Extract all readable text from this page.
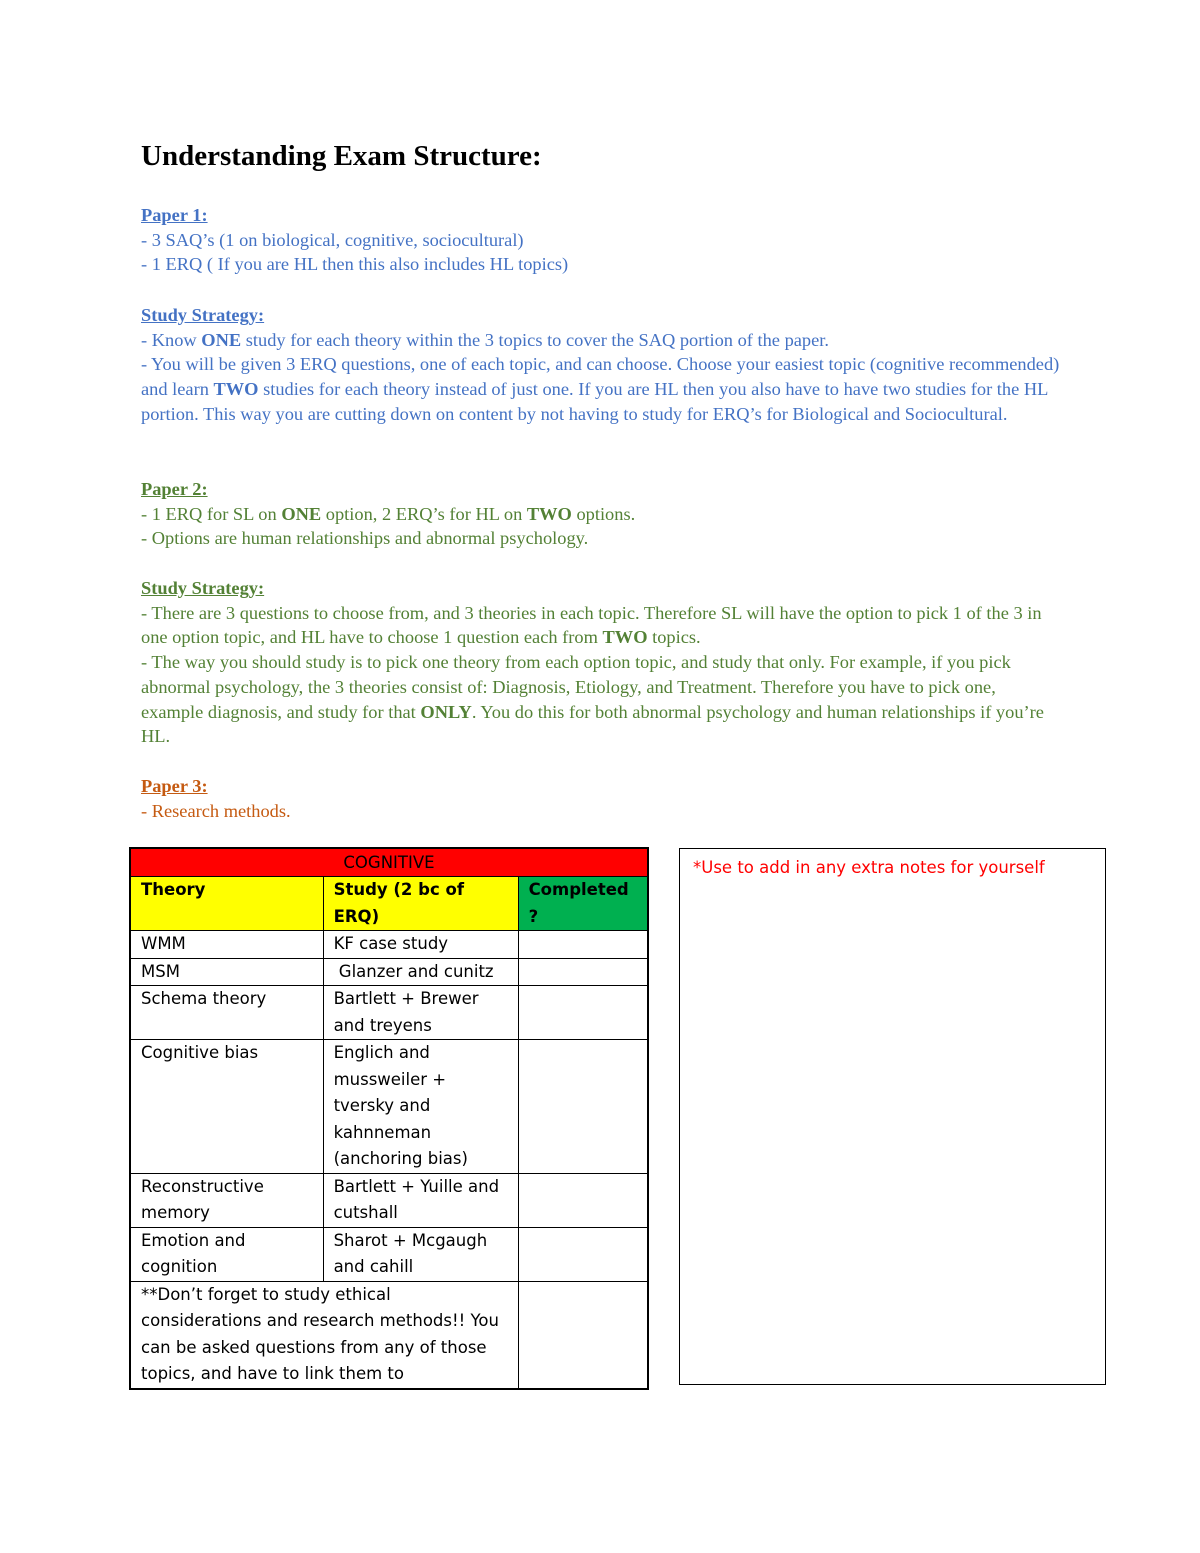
Understanding Exam Structure:

Paper 1:

- 3 SAQ’s (1 on biological, cognitive, sociocultural)

- 1 ERQ ( If you are HL then this also includes HL topics)

Study Strategy:

- Know ONE study for each theory within the 3 topics to cover the SAQ portion of the paper.

- You will be given 3 ERQ questions, one of each topic, and can choose. Choose your easiest topic (cognitive recommended) and learn TWO studies for each theory instead of just one. If you are HL then you also have to have two studies for the HL portion. This way you are cutting down on content by not having to study for ERQ’s for Biological and Sociocultural.

Paper 2:

- 1 ERQ for SL on ONE option, 2 ERQ’s for HL on TWO options.

- Options are human relationships and abnormal psychology.

Study Strategy:

- There are 3 questions to choose from, and 3 theories in each topic. Therefore SL will have the option to pick 1 of the 3 in one option topic, and HL have to choose 1 question each from TWO topics.

- The way you should study is to pick one theory from each option topic, and study that only. For example, if you pick abnormal psychology, the 3 theories consist of: Diagnosis, Etiology, and Treatment. Therefore you have to pick one, example diagnosis, and study for that ONLY. You do this for both abnormal psychology and human relationships if you’re HL.

Paper 3:

- Research methods.

COGNITIVE		
Theory	Study (2 bc of ERQ)	Completed ?
WMM	KF case study	
MSM	Glanzer and cunitz	
Schema theory	Bartlett + Brewer and treyens	
Cognitive bias	Englich and mussweiler + tversky and kahnneman (anchoring bias)	
Reconstructive memory	Bartlett + Yuille and cutshall	
Emotion and cognition	Sharot + Mcgaugh and cahill	
**Don’t forget to study ethical considerations and research methods!! You can be asked questions from any of those topics, and have to link them to		
*Use to add in any extra notes for yourself
